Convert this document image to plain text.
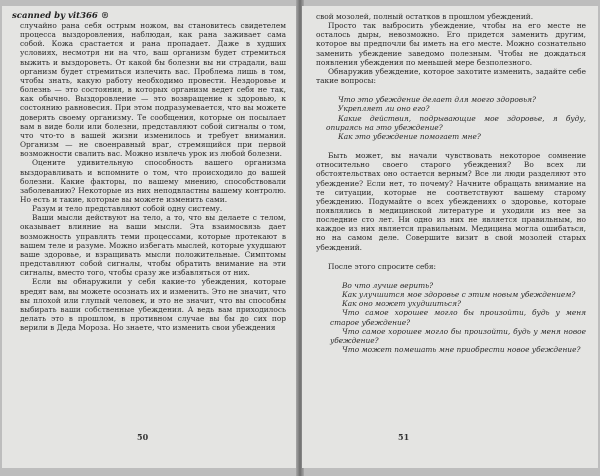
scanned by vit366 ®

случайно рана себя острым ножом, вы становитесь свидетелем процесса выздоровления, наблюдая, как рана заживает сама собой. Кожа срастается и рана пропадает. Даже в худших условиях, несмотря ни на что, ваш организм будет стремиться выжить и выздороветь. От какой бы болезни вы ни страдали, ваш организм будет стремиться излечить вас. Проблема лишь в том, чтобы знать, какую работу необходимо провести. Нездоровье и болезнь — это состояния, в которых организм ведет себя не так, как обычно. Выздоровление — это возвращение к здоровью, к состоянию равновесия. При этом подразумевается, что вы можете доверять своему организму. Те сообщения, которые он посылает вам в виде боли или болезни, представляют собой сигналы о том, что что-то в вашей жизни изменилось и требует внимания. Организм — не своенравный враг, стремящийся при первой возможности свалить вас. Можно извлечь урок из любой болезни.

Оцените удивительную способность вашего организма выздоравливать и вспомните о том, что происходило до вашей болезни. Какие факторы, по вашему мнению, способствовали заболеванию? Некоторые из них неподвластны вашему контролю. Но есть и такие, которые вы можете изменить сами.

Разум и тело представляют собой одну систему.

Ваши мысли действуют на тело, а то, что вы делаете с телом, оказывает влияние на ваши мысли. Эта взаимосвязь дает возможность управлять теми процессами, которые протекают в вашем теле и разуме. Можно избегать мыслей, которые ухудшают ваше здоровье, и взращивать мысли положительные. Симптомы представляют собой сигналы, чтобы обратить внимание на эти сигналы, вместо того, чтобы сразу же избавляться от них.

Если вы обнаружили у себя какие-то убеждения, которые вредят вам, вы можете осознать их и изменить. Это не значит, что вы плохой или глупый человек, и это не значит, что вы способны выбирать ваши собственные убеждения. А ведь вам приходилось делать это в прошлом, в противном случае вы бы до сих пор верили в Деда Мороза. Но знаете, что изменить свои убеждения

50

свой мозолей, полный остатков в прошлом убеждений.

Просто так выбросить убеждение, чтобы на его месте не осталось дыры, невозможно. Его придется заменить другим, которое вы предпочли бы иметь на его месте. Можно сознательно заменить убеждение заведомо полезным. Чтобы не дождаться появления убеждения по меньшей мере безполезного.

Обнаружив убеждение, которое захотите изменить, задайте себе такие вопросы:

Что это убеждение делает для моего здоровья?

Укрепляет ли оно его?

Какие действия, подрывающие мое здоровье, я буду, опираясь на это убеждение?

Как это убеждение помогает мне?

Быть может, вы начали чувствовать некоторое сомнение относительно своего старого убеждения? Во всех ли обстоятельствах оно остается верным? Все ли люди разделяют это убеждение? Если нет, то почему? Начните обращать внимание на те ситуации, которые не соответствуют вашему старому убеждению. Подумайте о всех убеждениях о здоровье, которые появлялись в медицинской литературе и уходили из нее за последние сто лет. Ни одно из них не является правильным, но каждое из них является правильным. Медицина могла ошибаться, но на самом деле. Совершите визит в свой мозолей старых убеждений.

После этого спросите себя:

Во что лучше верить?

Как улучшится мое здоровье с этим новым убеждением?

Как оно может ухудшиться?

Что самое хорошее могло бы произойти, будь у меня старое убеждение?

Что самое хорошее могло бы произойти, будь у меня новое убеждение?

Что может помешать мне приобрести новое убеждение?

51
